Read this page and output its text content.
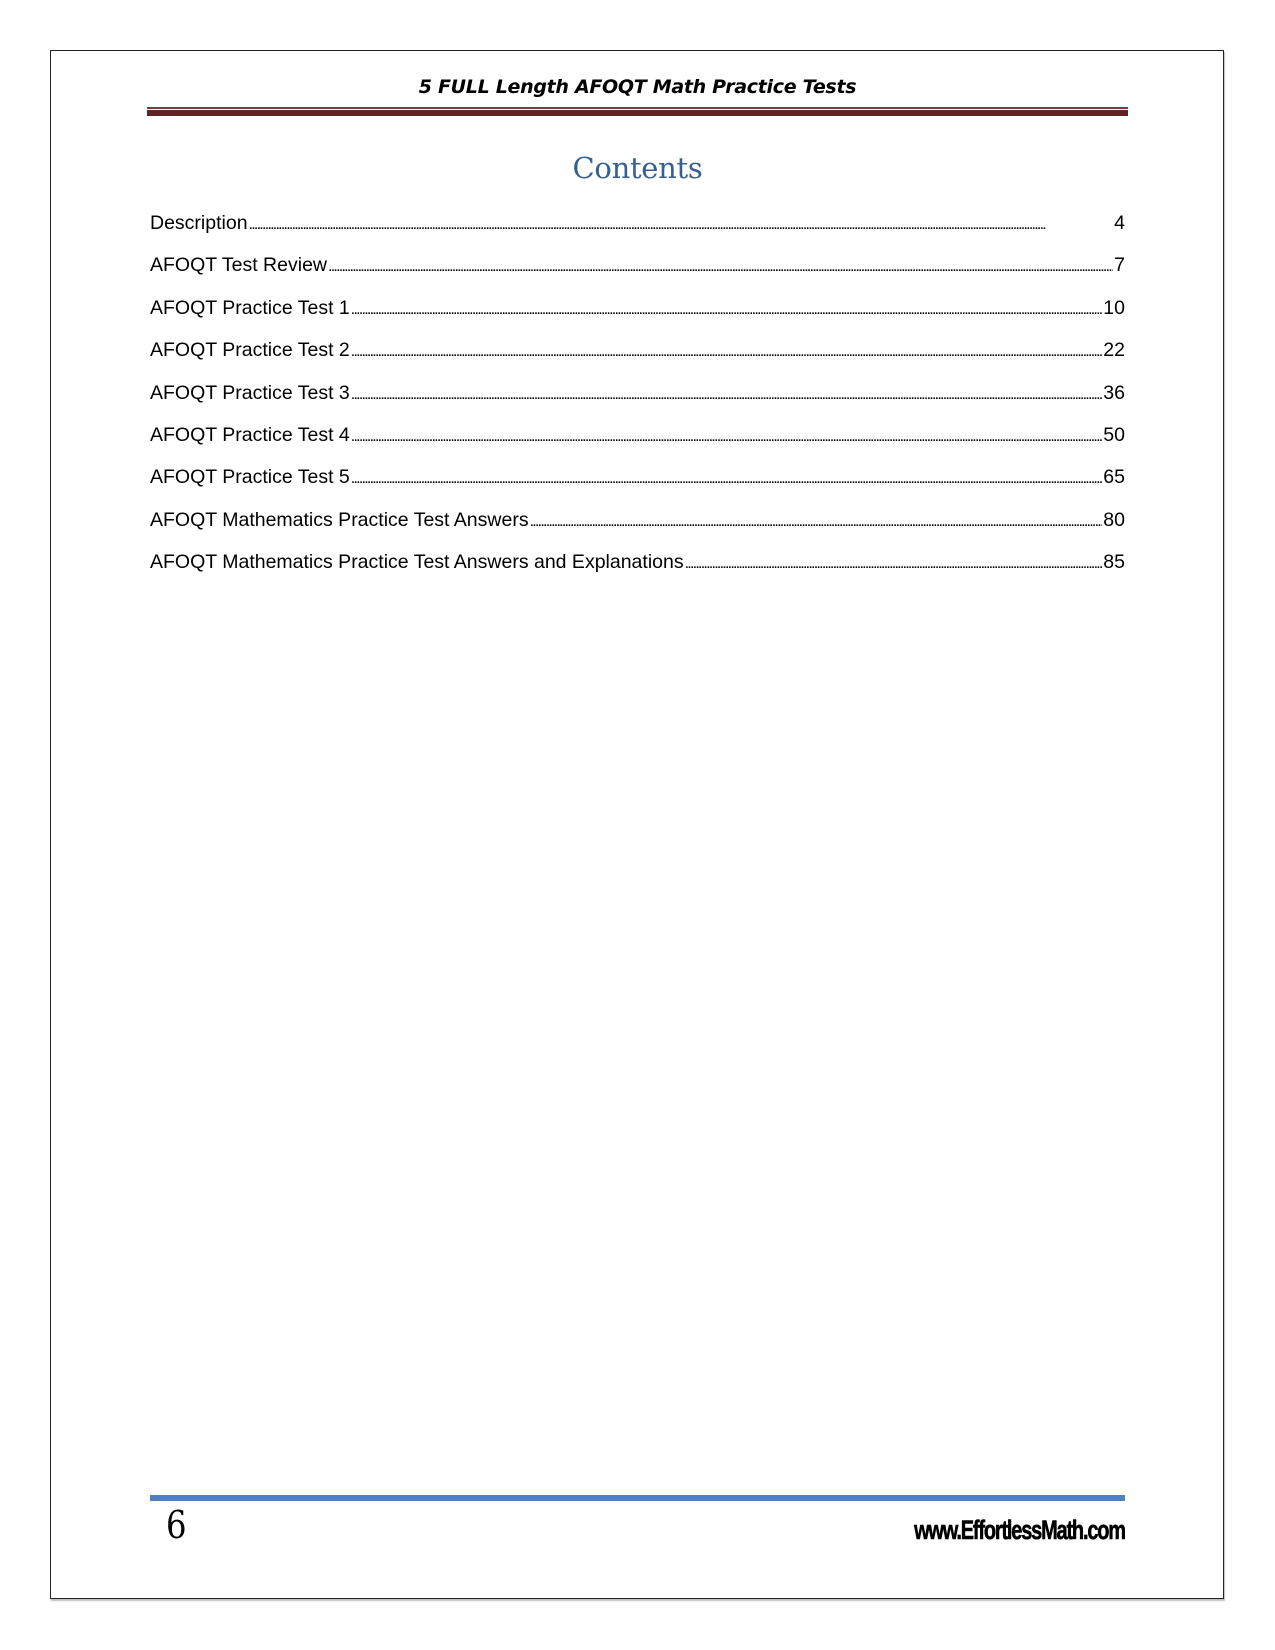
5 FULL Length AFOQT Math Practice Tests
Contents
Description . . .	4
AFOQT Test Review . . .	7
AFOQT Practice Test 1 . . .	10
AFOQT Practice Test 2 . . .	22
AFOQT Practice Test 3 . . .	36
AFOQT Practice Test 4 . . .	50
AFOQT Practice Test 5 . . .	65
AFOQT Mathematics Practice Test Answers . . .	80
AFOQT Mathematics Practice Test Answers and Explanations . . .	85
6	www.EffortlessMath.com
